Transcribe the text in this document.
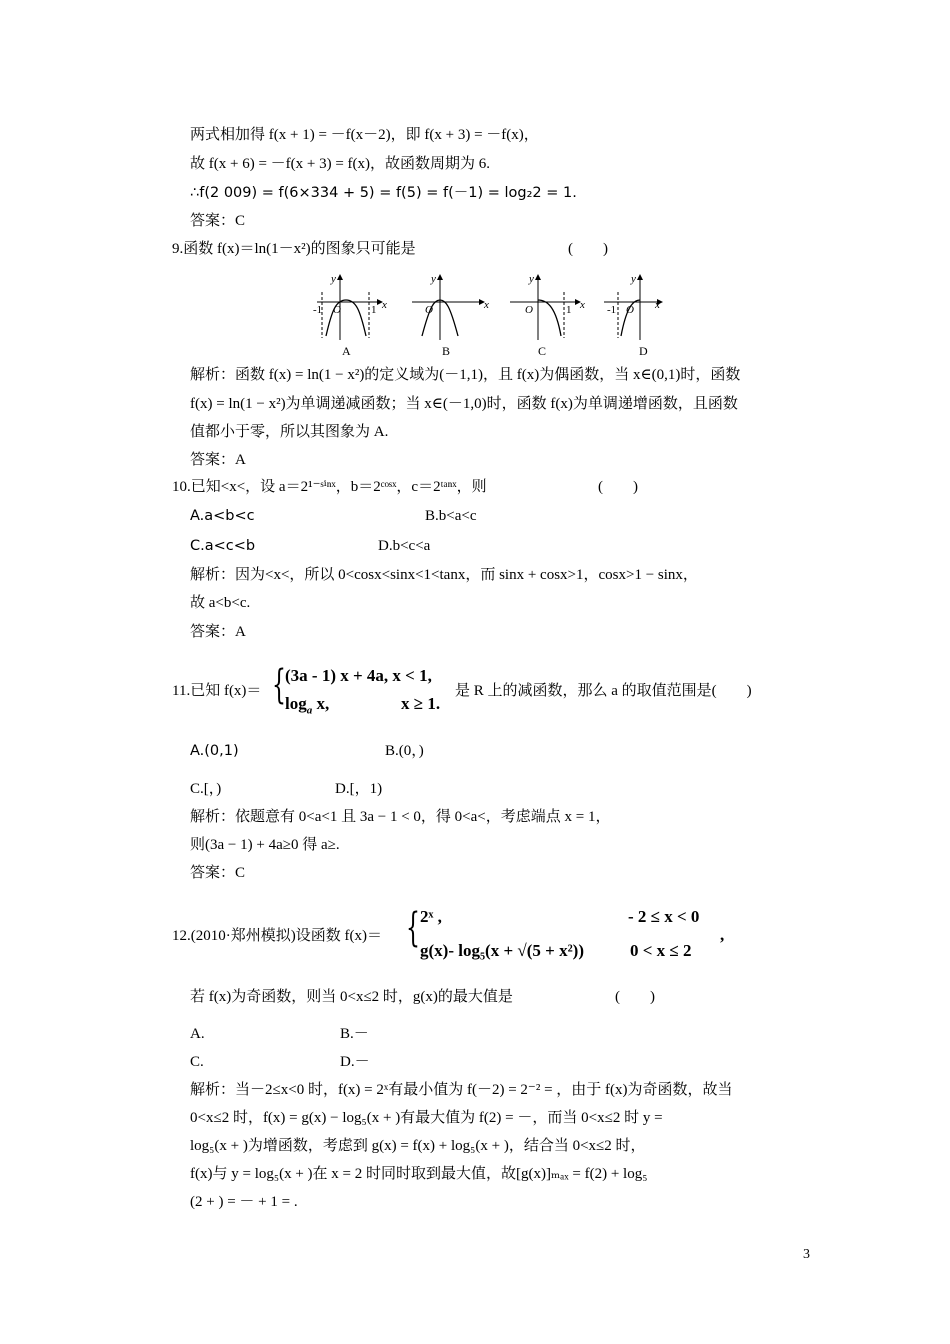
两式相加得 f(x + 1) = －f(x－2)，即 f(x + 3) = －f(x)，
故 f(x + 6) = －f(x + 3) = f(x)，故函数周期为 6.
∴f(2 009) = f(6×334 + 5) = f(5) = f(－1) = log₂2 = 1.
答案：C
9.函数 f(x)＝ln(1－x²)的图象只可能是	(　　)
-1 O	1 x
y
A
O	x
y
B
O	1 x
y
C
-1 O x
y
D
解析：函数 f(x) = ln(1 − x²)的定义域为(－1,1)，且 f(x)为偶函数，当 x∈(0,1)时，函数
f(x) = ln(1 − x²)为单调递减函数；当 x∈(－1,0)时，函数 f(x)为单调递增函数，且函数
值都小于零，所以其图象为 A.
答案：A
10.已知<x<，设 a＝2¹⁻ˢⁱⁿˣ，b＝2ᶜᵒˢˣ，c＝2ᵗᵃⁿˣ，则	(　　)
A.a<b<c	B.b<a<c
C.a<c<b	D.b<c<a
解析：因为<x<，所以 0<cosx<sinx<1<tanx，而 sinx + cosx>1，cosx>1 − sinx，
故 a<b<c.
答案：A
11.已知 f(x)＝ { (3a - 1) x + 4a, x < 1,
$\log_a x$,	x ≥ 1.
是 R 上的减函数，那么 a 的取值范围是(　　)
A.(0,1)	B.(0，)
C.[，)	D.[，1)
解析：依题意有 0<a<1 且 3a − 1 < 0，得 0<a<，考虑端点 x = 1，
则(3a − 1) + 4a≥0 得 a≥.
答案：C
12.(2010·郑州模拟)设函数 f(x)＝ { 2ˣ ,	- 2 ≤ x < 0
g(x)- log₅(x + √(5 + x²))	0 < x ≤ 2
,
若 f(x)为奇函数，则当 0<x≤2 时，g(x)的最大值是	(　　)
A.	B.－
C.	D.－
解析：当－2≤x<0 时，f(x) = 2ˣ有最小值为 f(－2) = 2⁻² = ，由于 f(x)为奇函数，故当
0<x≤2 时，f(x) = g(x) − log₅(x + )有最大值为 f(2) = －，而当 0<x≤2 时 y =
log₅(x + )为增函数，考虑到 g(x) = f(x) + log₅(x + )，结合当 0<x≤2 时，
f(x)与 y = log₅(x + )在 x = 2 时同时取到最大值，故[g(x)]ₘₐₓ = f(2) + log₅
(2 + ) = － + 1 = .
3
